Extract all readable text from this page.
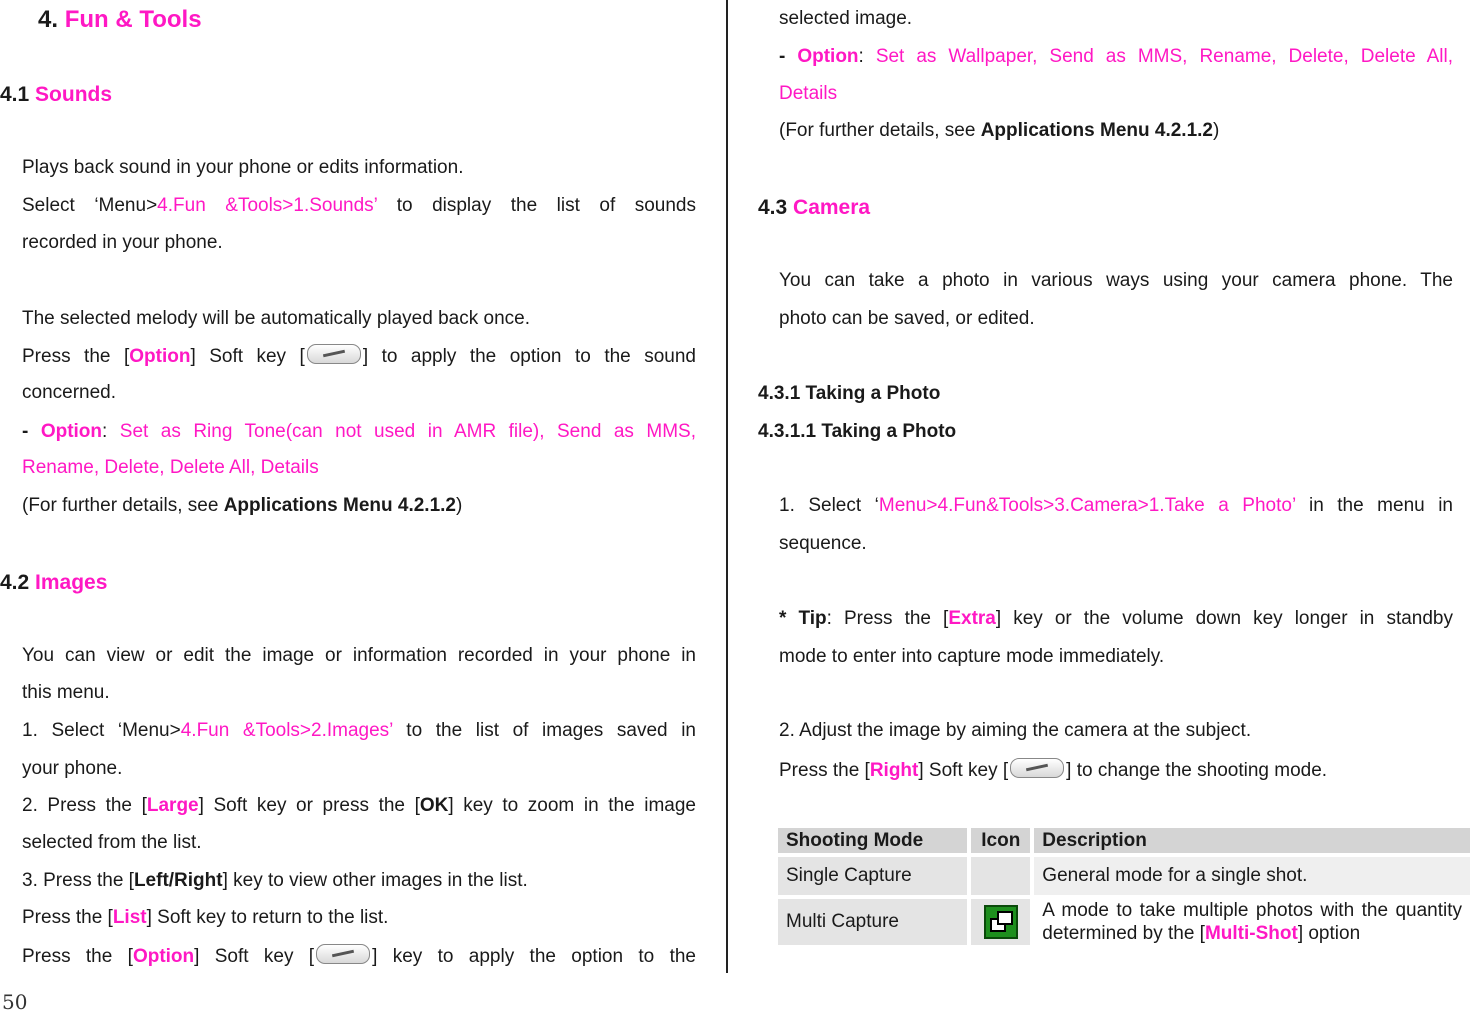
4. Fun & Tools
4.1 Sounds
Plays back sound in your phone or edits information.
Select ‘Menu>4.Fun &Tools>1.Sounds’ to display the list of sounds
recorded in your phone.
The selected melody will be automatically played back once.
Press the [Option] Soft key [	] to apply the option to the sound
concerned.
- Option: Set as Ring Tone(can not used in AMR file), Send as MMS,
Rename, Delete, Delete All, Details
(For further details, see Applications Menu 4.2.1.2)
4.2 Images
You can view or edit the image or information recorded in your phone in
this menu.
1. Select ‘Menu>4.Fun &Tools>2.Images’ to the list of images saved in
your phone.
2. Press the [Large] Soft key or press the [OK] key to zoom in the image
selected from the list.
3. Press the [Left/Right] key to view other images in the list.
Press the [List] Soft key to return to the list.
Press the [Option] Soft key [	] key to apply the option to the
50
selected image.
- Option: Set as Wallpaper, Send as MMS, Rename, Delete, Delete All,
Details
(For further details, see Applications Menu 4.2.1.2)
4.3 Camera
You can take a photo in various ways using your camera phone. The
photo can be saved, or edited.
4.3.1 Taking a Photo
4.3.1.1 Taking a Photo
1. Select ‘Menu>4.Fun&Tools>3.Camera>1.Take a Photo’ in the menu in
sequence.
* Tip: Press the [Extra] key or the volume down key longer in standby
mode to enter into capture mode immediately.
2. Adjust the image by aiming the camera at the subject.
Press the [Right] Soft key [	] to change the shooting mode.
Shooting Mode	Icon	Description
Single Capture		General mode for a single shot.
Multi Capture		A mode to take multiple photos with the quantity determined by the [Multi-Shot] option
